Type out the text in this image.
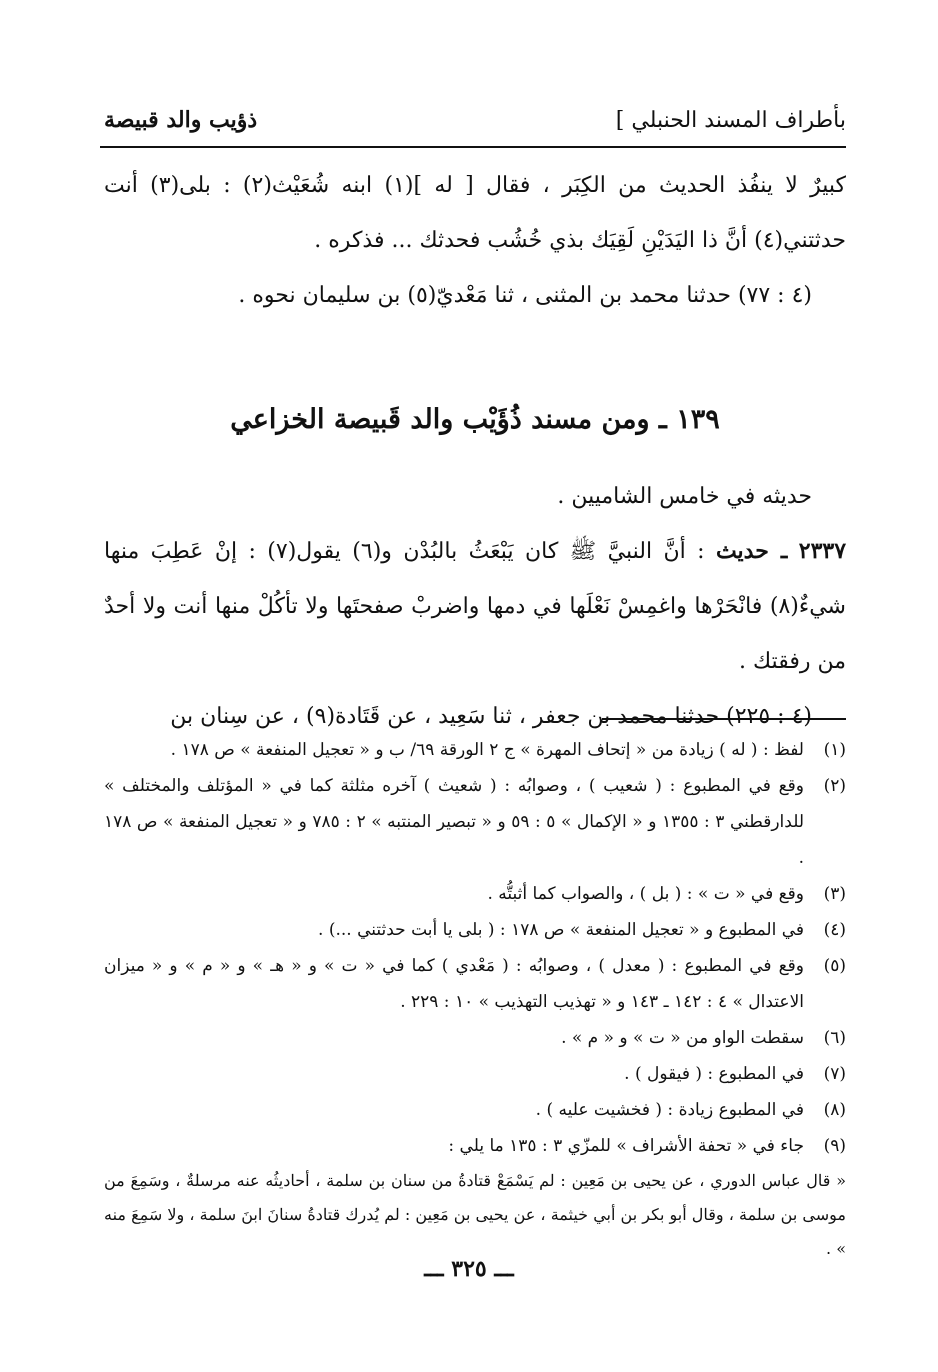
بأطراف المسند الحنبلي ]
ذؤيب والد قبيصة

كبيرٌ لا ينفُذ الحديث من الكِبَر ، فقال [ له ](١) ابنه شُعَيْث(٢) : بلى(٣) أنت حدثتني(٤) أنَّ ذا اليَدَيْنِ لَقِيَك بذي خُشُب فحدثك ... فذكره .

(٤ : ٧٧) حدثنا محمد بن المثنى ، ثنا مَعْديّ(٥) بن سليمان نحوه .

١٣٩ ـ ومن مسند ذُؤَيْب والد قَبيصة الخزاعي

حديثه في خامس الشاميين .

٢٣٣٧ ـ حديث : أنَّ النبيَّ ﷺ كان يَبْعَثُ بالبُدْن و(٦) يقول(٧) : إنْ عَطِبَ منها شيءٌ(٨) فانْحَرْها واغمِسْ نَعْلَها في دمها واضربْ صفحتَها ولا تأكُلْ منها أنت ولا أحدٌ من رفقتك .

(٤ : ٢٢٥) حدثنا محمد بن جعفر ، ثنا سَعِيد ، عن قَتَادة(٩) ، عن سِنان بن

(١)
لفظ : ( له ) زيادة من « إتحاف المهرة » ج ٢ الورقة ٦٩/ ب و « تعجيل المنفعة » ص ١٧٨ .
(٢)
وقع في المطبوع : ( شعيب ) ، وصوابُه : ( شعيث ) آخره مثلثة كما في « المؤتلف والمختلف » للدارقطني ٣ : ١٣٥٥ و « الإكمال » ٥ : ٥٩ و « تبصير المنتبه » ٢ : ٧٨٥ و « تعجيل المنفعة » ص ١٧٨ .
(٣)
وقع في « ت » : ( بل ) ، والصواب كما أثبتُّه .
(٤)
في المطبوع و « تعجيل المنفعة » ص ١٧٨ : ( بلى يا أبت حدثتني ...) .
(٥)
وقع في المطبوع : ( معدل ) ، وصوابُه : ( مَعْدي ) كما في « ت » و « هـ » و « م » و « ميزان الاعتدال » ٤ : ١٤٢ ـ ١٤٣ و « تهذيب التهذيب » ١٠ : ٢٢٩ .
(٦)
سقطت الواو من « ت » و « م » .
(٧)
في المطبوع : ( فيقول ) .
(٨)
في المطبوع زيادة : ( فخشيت عليه ) .
(٩)
جاء في « تحفة الأشراف » للمزّي ٣ : ١٣٥ ما يلي :
« قال عباس الدوري ، عن يحيى بن مَعِين : لم يَسْمَعْ قتادةُ من سنان بن سلمة ، أحاديثُه عنه مرسلةٌ ، وسَمِعَ من موسى بن سلمة ، وقال أبو بكر بن أبي خيثمة ، عن يحيى بن مَعِين : لم يُدرك قتادةُ سنانَ ابنَ سلمة ، ولا سَمِعَ منه » .
ـــ ٣٢٥ ـــ
